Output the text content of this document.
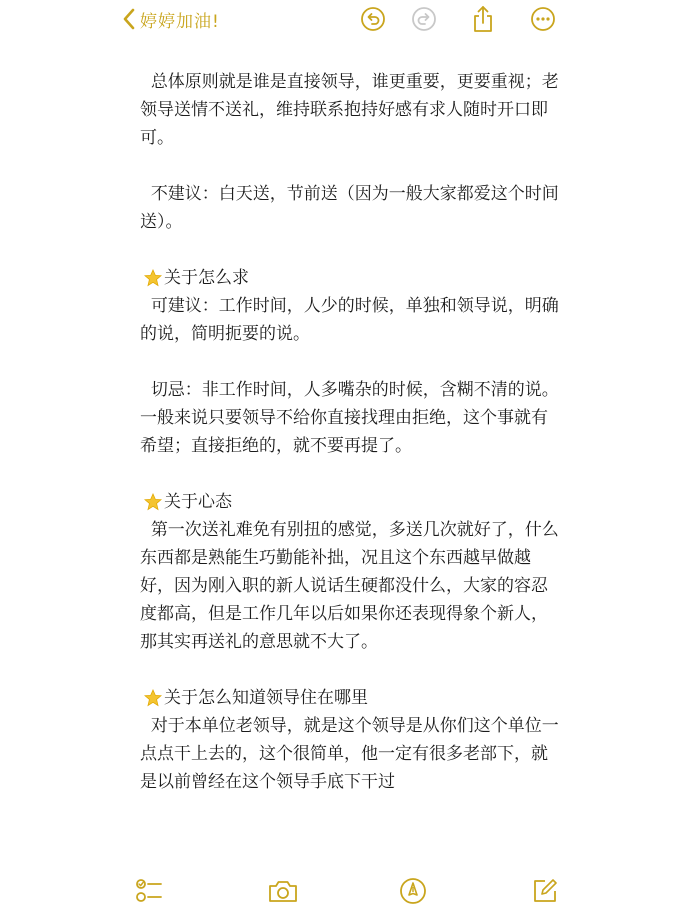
婷婷加油!

总体原则就是谁是直接领导，谁更重要，更要重视；老领导送情不送礼，维持联系抱持好感有求人随时开口即可。

不建议：白天送，节前送（因为一般大家都爱这个时间送）。

关于怎么求

可建议：工作时间，人少的时候，单独和领导说，明确的说，简明扼要的说。

切忌：非工作时间，人多嘴杂的时候，含糊不清的说。一般来说只要领导不给你直接找理由拒绝，这个事就有希望；直接拒绝的，就不要再提了。

关于心态

第一次送礼难免有别扭的感觉，多送几次就好了，什么东西都是熟能生巧勤能补拙，况且这个东西越早做越好，因为刚入职的新人说话生硬都没什么，大家的容忍度都高，但是工作几年以后如果你还表现得象个新人，那其实再送礼的意思就不大了。

关于怎么知道领导住在哪里

对于本单位老领导，就是这个领导是从你们这个单位一点点干上去的，这个很简单，他一定有很多老部下，就是以前曾经在这个领导手底下干过
